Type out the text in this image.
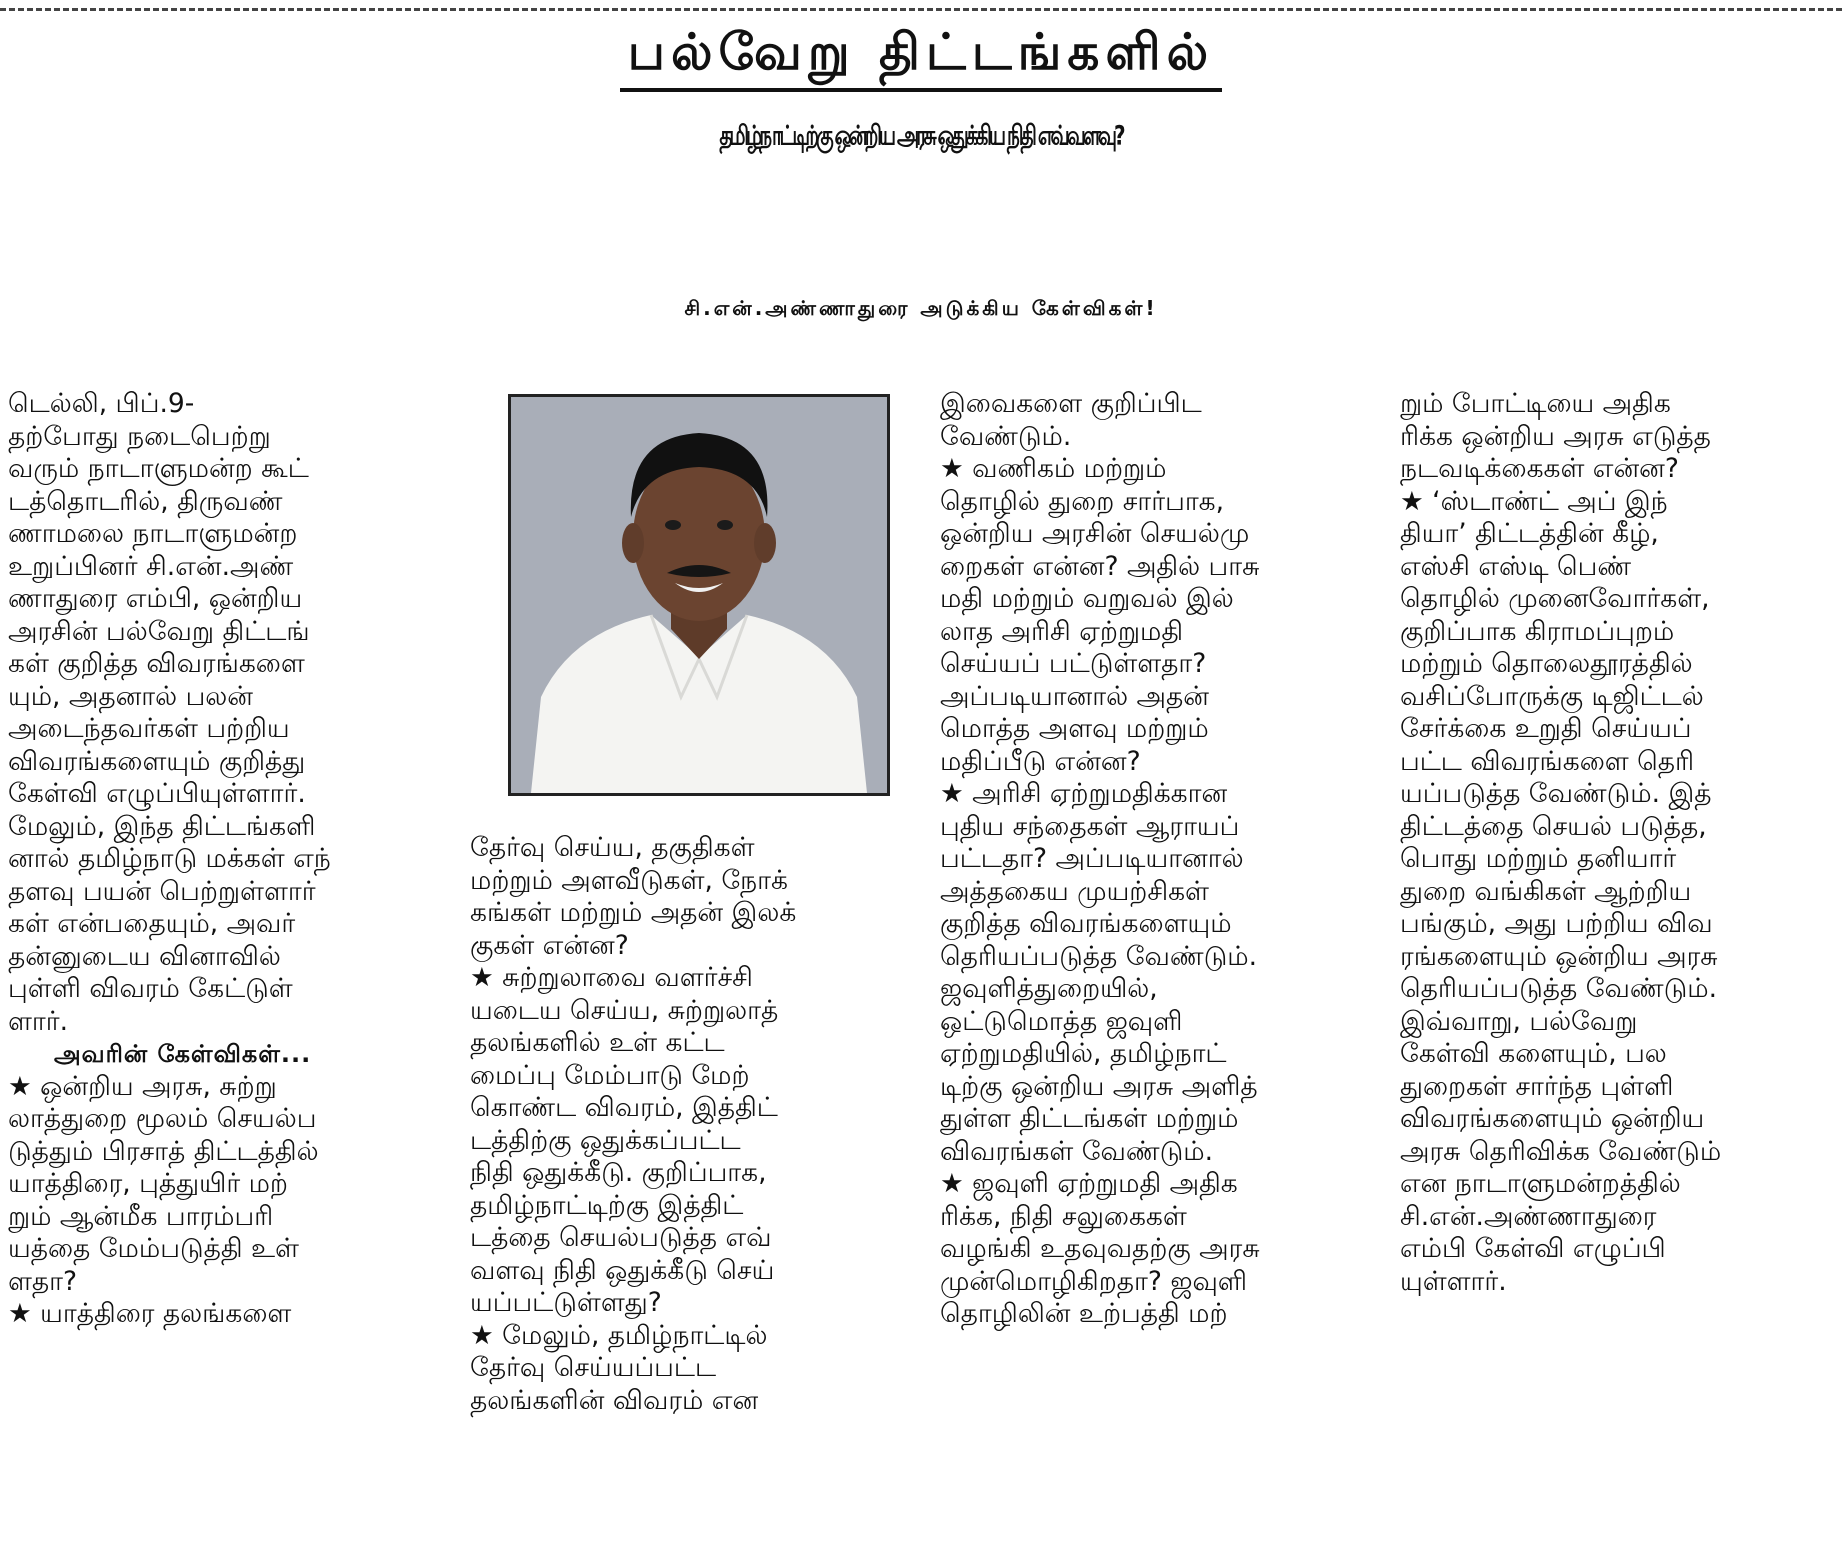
பல்வேறு திட்டங்களில்
தமிழ்நாட்டிற்கு ஒன்றிய அரசு ஒதுக்கிய நிதி எவ்வளவு?
சி.என்.அண்ணாதுரை அடுக்கிய கேள்விகள்!

டெல்லி, பிப்.9-

தற்போது நடைபெற்று

வரும் நாடாளுமன்ற கூட்

டத்தொடரில், திருவண்

ணாமலை நாடாளுமன்ற

உறுப்பினர் சி.என்.அண்

ணாதுரை எம்பி, ஒன்றிய

அரசின் பல்வேறு திட்டங்

கள் குறித்த விவரங்களை

யும், அதனால் பலன்

அடைந்தவர்கள் பற்றிய

விவரங்களையும் குறித்து

கேள்வி எழுப்பியுள்ளார்.

மேலும், இந்த திட்டங்களி

னால் தமிழ்நாடு மக்கள் எந்

தளவு பயன் பெற்றுள்ளார்

கள் என்பதையும், அவர்

தன்னுடைய வினாவில்

புள்ளி விவரம் கேட்டுள்

ளார்.

அவரின் கேள்விகள்...

★ ஒன்றிய அரசு, சுற்று

லாத்துறை மூலம் செயல்ப

டுத்தும் பிரசாத் திட்டத்தில்

யாத்திரை, புத்துயிர் மற்

றும் ஆன்மீக பாரம்பரி

யத்தை மேம்படுத்தி உள்

ளதா?

★ யாத்திரை தலங்களை

தேர்வு செய்ய, தகுதிகள்

மற்றும் அளவீடுகள், நோக்

கங்கள் மற்றும் அதன் இலக்

குகள் என்ன?

★ சுற்றுலாவை வளர்ச்சி

யடைய செய்ய, சுற்றுலாத்

தலங்களில் உள் கட்ட

மைப்பு மேம்பாடு மேற்

கொண்ட விவரம், இத்திட்

டத்திற்கு ஒதுக்கப்பட்ட

நிதி ஒதுக்கீடு. குறிப்பாக,

தமிழ்நாட்டிற்கு இத்திட்

டத்தை செயல்படுத்த எவ்

வளவு நிதி ஒதுக்கீடு செய்

யப்பட்டுள்ளது?

★ மேலும், தமிழ்நாட்டில்

தேர்வு செய்யப்பட்ட

தலங்களின் விவரம் என

இவைகளை குறிப்பிட

வேண்டும்.

★ வணிகம் மற்றும்

தொழில் துறை சார்பாக,

ஒன்றிய அரசின் செயல்மு

றைகள் என்ன? அதில் பாசு

மதி மற்றும் வறுவல் இல்

லாத அரிசி ஏற்றுமதி

செய்யப் பட்டுள்ளதா?

அப்படியானால் அதன்

மொத்த அளவு மற்றும்

மதிப்பீடு என்ன?

★ அரிசி ஏற்றுமதிக்கான

புதிய சந்தைகள் ஆராயப்

பட்டதா? அப்படியானால்

அத்தகைய முயற்சிகள்

குறித்த விவரங்களையும்

தெரியப்படுத்த வேண்டும்.

ஜவுளித்துறையில்,

ஒட்டுமொத்த ஜவுளி

ஏற்றுமதியில், தமிழ்நாட்

டிற்கு ஒன்றிய அரசு அளித்

துள்ள திட்டங்கள் மற்றும்

விவரங்கள் வேண்டும்.

★ ஜவுளி ஏற்றுமதி அதிக

ரிக்க, நிதி சலுகைகள்

வழங்கி உதவுவதற்கு அரசு

முன்மொழிகிறதா? ஜவுளி

தொழிலின் உற்பத்தி மற்

றும் போட்டியை அதிக

ரிக்க ஒன்றிய அரசு எடுத்த

நடவடிக்கைகள் என்ன?

★ ‘ஸ்டாண்ட் அப் இந்

தியா’ திட்டத்தின் கீழ்,

எஸ்சி எஸ்டி பெண்

தொழில் முனைவோர்கள்,

குறிப்பாக கிராமப்புறம்

மற்றும் தொலைதூரத்தில்

வசிப்போருக்கு டிஜிட்டல்

சேர்க்கை உறுதி செய்யப்

பட்ட விவரங்களை தெரி

யப்படுத்த வேண்டும். இத்

திட்டத்தை செயல் படுத்த,

பொது மற்றும் தனியார்

துறை வங்கிகள் ஆற்றிய

பங்கும், அது பற்றிய விவ

ரங்களையும் ஒன்றிய அரசு

தெரியப்படுத்த வேண்டும்.

இவ்வாறு, பல்வேறு

கேள்வி களையும், பல

துறைகள் சார்ந்த புள்ளி

விவரங்களையும் ஒன்றிய

அரசு தெரிவிக்க வேண்டும்

என நாடாளுமன்றத்தில்

சி.என்.அண்ணாதுரை

எம்பி கேள்வி எழுப்பி

யுள்ளார்.
